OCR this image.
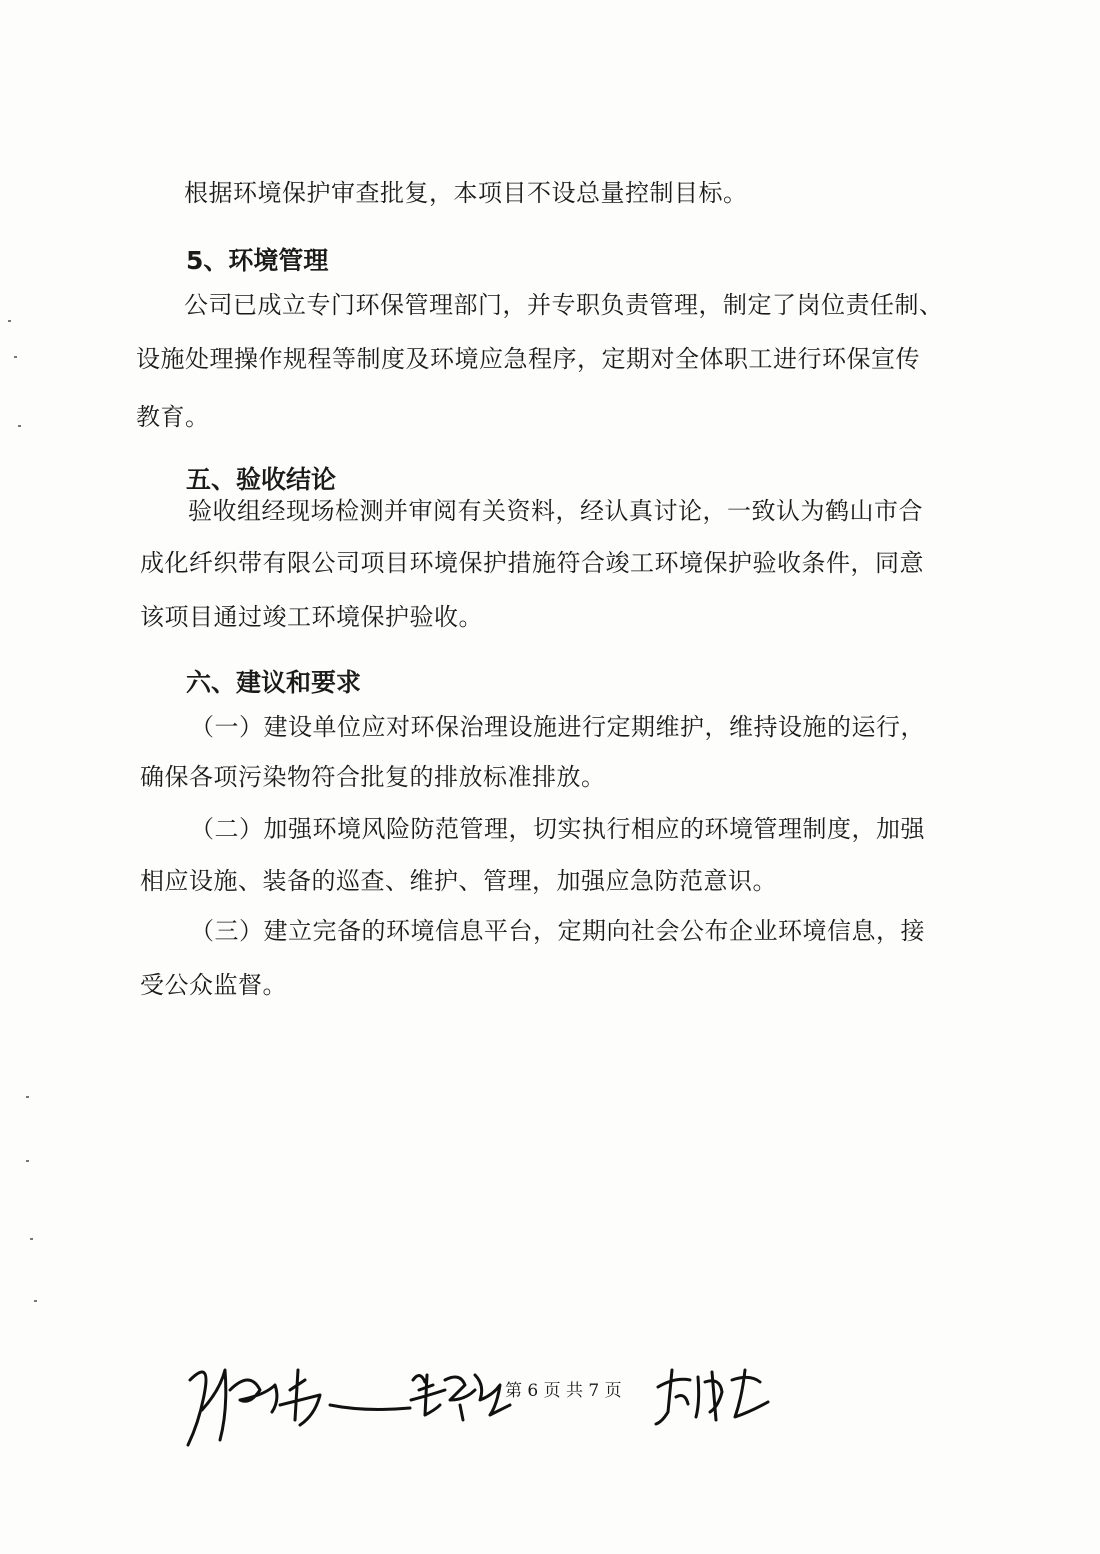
根据环境保护审查批复，本项目不设总量控制目标。
5、环境管理
公司已成立专门环保管理部门，并专职负责管理，制定了岗位责任制、
设施处理操作规程等制度及环境应急程序，定期对全体职工进行环保宣传
教育。
五、验收结论
验收组经现场检测并审阅有关资料，经认真讨论，一致认为鹤山市合
成化纤织带有限公司项目环境保护措施符合竣工环境保护验收条件，同意
该项目通过竣工环境保护验收。
六、建议和要求
（一）建设单位应对环保治理设施进行定期维护，维持设施的运行，
确保各项污染物符合批复的排放标准排放。
（二）加强环境风险防范管理，切实执行相应的环境管理制度，加强
相应设施、装备的巡查、维护、管理，加强应急防范意识。
（三）建立完备的环境信息平台，定期向社会公布企业环境信息，接
受公众监督。
第 6 页 共 7 页
